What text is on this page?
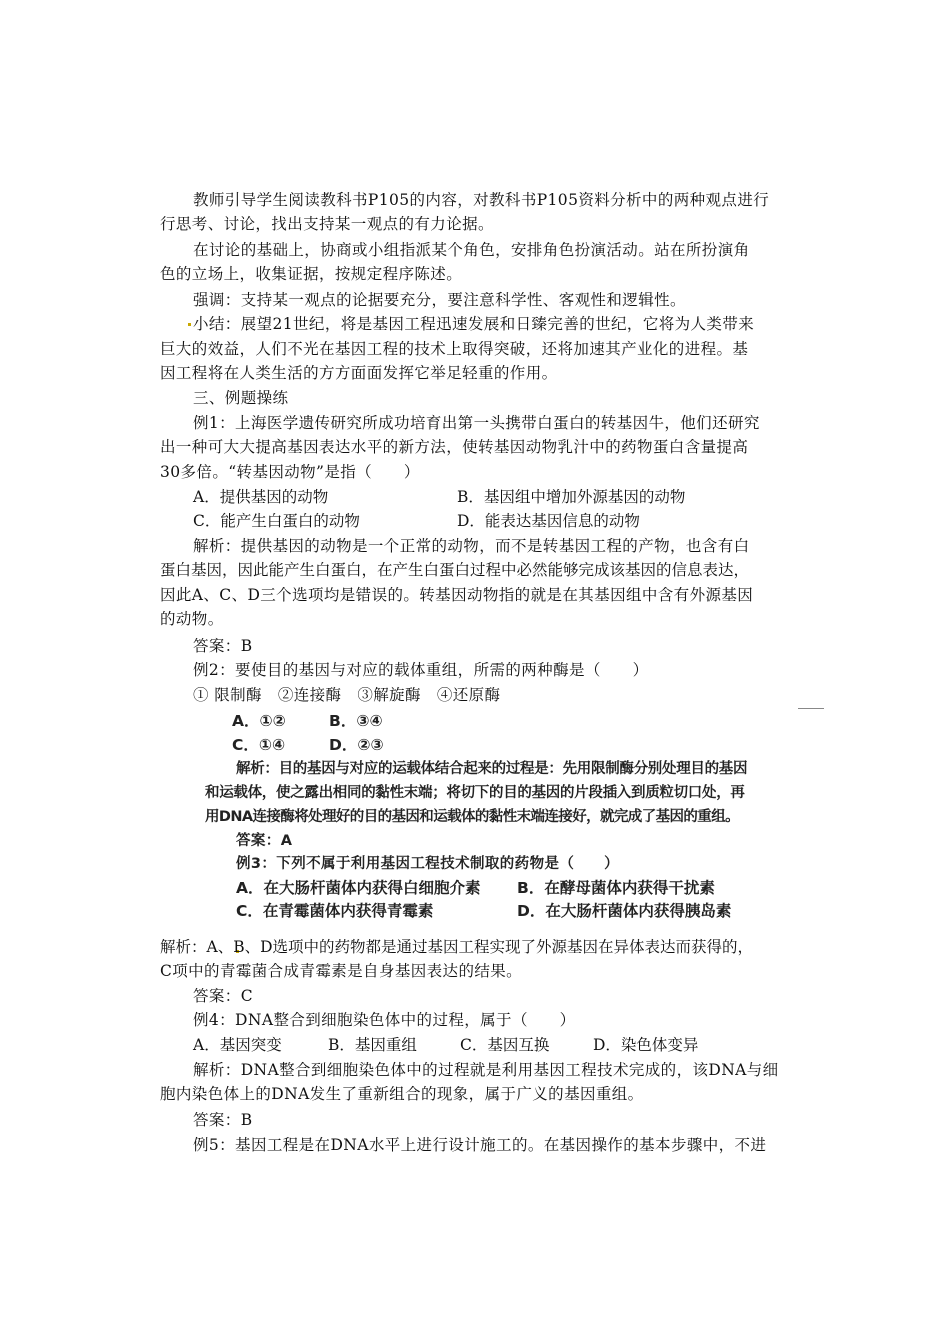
教师引导学生阅读教科书P105的内容，对教科书P105资料分析中的两种观点进行
行思考、讨论，找出支持某一观点的有力论据。
在讨论的基础上，协商或小组指派某个角色，安排角色扮演活动。站在所扮演角
色的立场上，收集证据，按规定程序陈述。
强调：支持某一观点的论据要充分，要注意科学性、客观性和逻辑性。
小结：展望21世纪，将是基因工程迅速发展和日臻完善的世纪，它将为人类带来
巨大的效益，人们不光在基因工程的技术上取得突破，还将加速其产业化的进程。基
因工程将在人类生活的方方面面发挥它举足轻重的作用。
三、例题操练
例1：上海医学遗传研究所成功培育出第一头携带白蛋白的转基因牛，他们还研究
出一种可大大提高基因表达水平的新方法，使转基因动物乳汁中的药物蛋白含量提高
30多倍。“转基因动物”是指（　　）
A．提供基因的动物	B．基因组中增加外源基因的动物
C．能产生白蛋白的动物	D．能表达基因信息的动物
解析：提供基因的动物是一个正常的动物，而不是转基因工程的产物，也含有白
蛋白基因，因此能产生白蛋白，在产生白蛋白过程中必然能够完成该基因的信息表达，
因此A、C、D三个选项均是错误的。转基因动物指的就是在其基因组中含有外源基因
的动物。
答案：B
例2：要使目的基因与对应的载体重组，所需的两种酶是（　　）
① 限制酶　②连接酶　③解旋酶　④还原酶
A．①②	B．③④
C．①④	D．②③
解析：目的基因与对应的运载体结合起来的过程是：先用限制酶分别处理目的基因
和运载体，使之露出相同的黏性末端；将切下的目的基因的片段插入到质粒切口处，再
用DNA连接酶将处理好的目的基因和运载体的黏性末端连接好，就完成了基因的重组。
答案：A
例3：下列不属于利用基因工程技术制取的药物是（　　）
A．在大肠杆菌体内获得白细胞介素 B．在酵母菌体内获得干扰素
C．在青霉菌体内获得青霉素	D．在大肠杆菌体内获得胰岛素
解析：A、B、D选项中的药物都是通过基因工程实现了外源基因在异体表达而获得的，
C项中的青霉菌合成青霉素是自身基因表达的结果。
答案：C
例4：DNA整合到细胞染色体中的过程，属于（　　）
A．基因突变	B．基因重组	C．基因互换	D．染色体变异
解析：DNA整合到细胞染色体中的过程就是利用基因工程技术完成的，该DNA与细
胞内染色体上的DNA发生了重新组合的现象，属于广义的基因重组。
答案：B
例5：基因工程是在DNA水平上进行设计施工的。在基因操作的基本步骤中，不进
